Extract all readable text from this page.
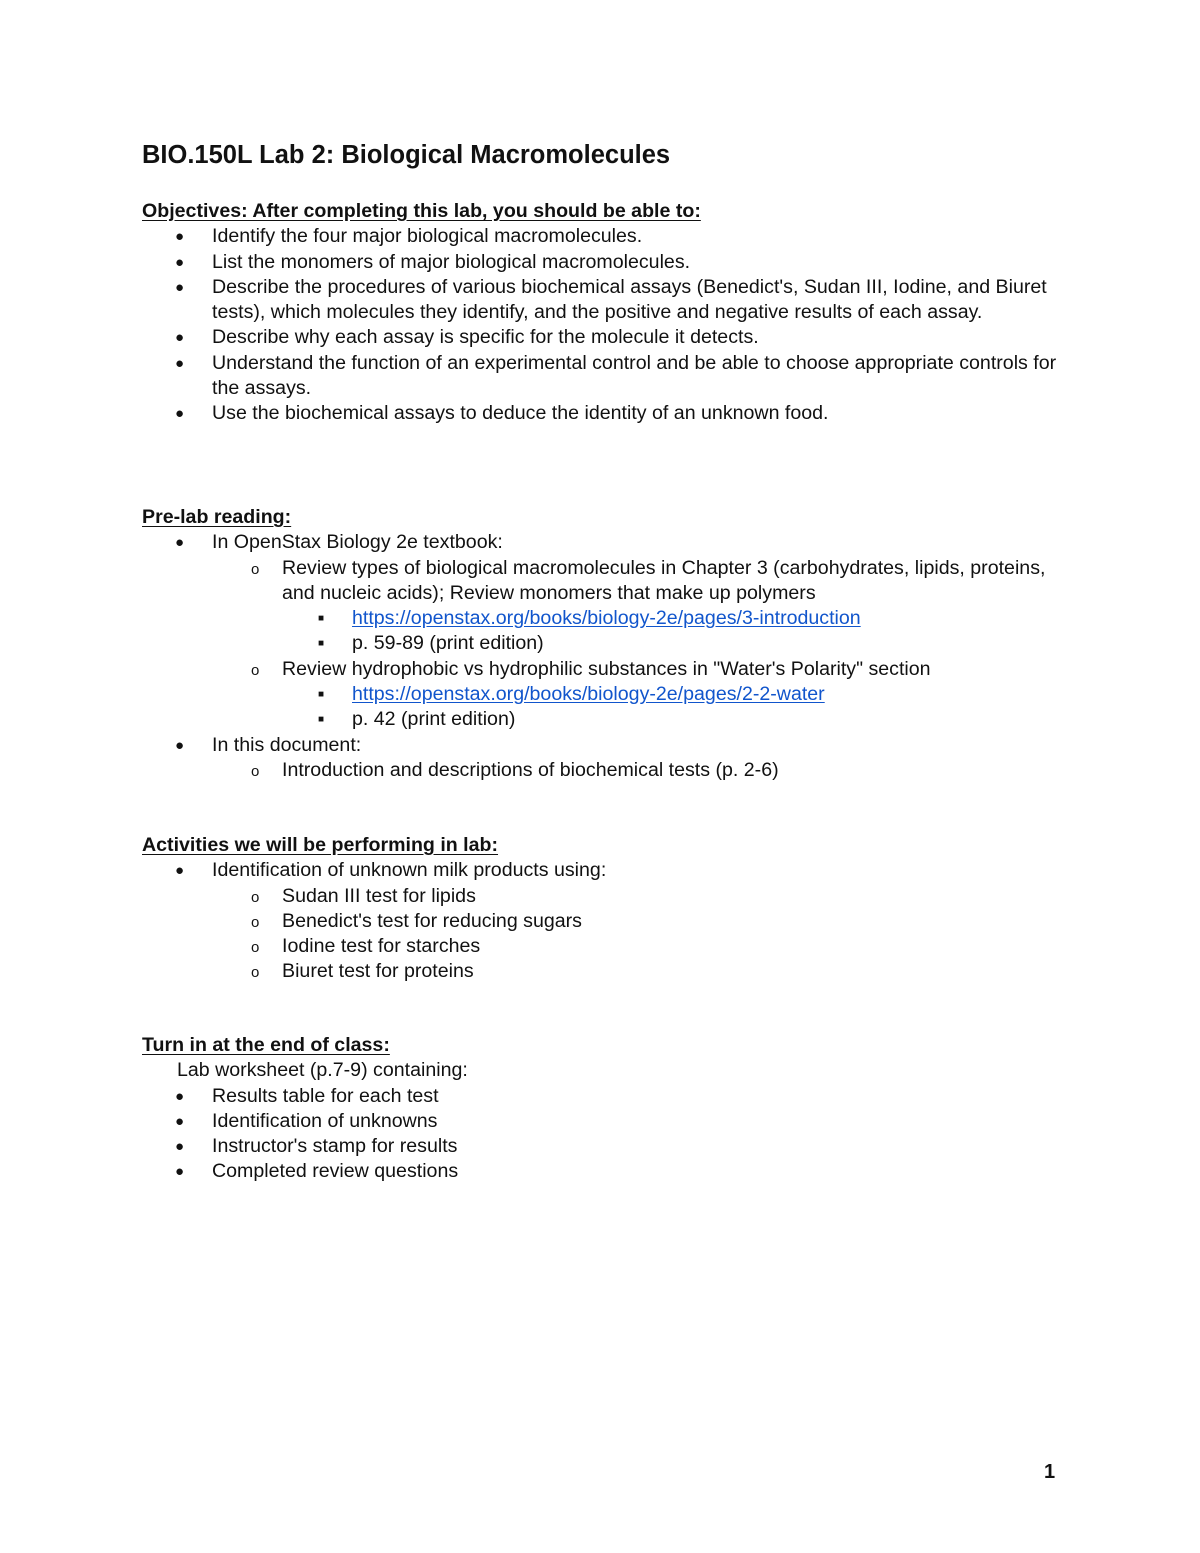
BIO.150L Lab 2: Biological Macromolecules
Objectives: After completing this lab, you should be able to:
● Identify the four major biological macromolecules.
● List the monomers of major biological macromolecules.
● Describe the procedures of various biochemical assays (Benedict's, Sudan III, Iodine, and Biuret tests), which molecules they identify, and the positive and negative results of each assay.
● Describe why each assay is specific for the molecule it detects.
● Understand the function of an experimental control and be able to choose appropriate controls for the assays.
● Use the biochemical assays to deduce the identity of an unknown food.
Pre-lab reading:
● In OpenStax Biology 2e textbook:
o Review types of biological macromolecules in Chapter 3 (carbohydrates, lipids, proteins, and nucleic acids); Review monomers that make up polymers
■ https://openstax.org/books/biology-2e/pages/3-introduction
■ p. 59-89 (print edition)
o Review hydrophobic vs hydrophilic substances in "Water's Polarity" section
■ https://openstax.org/books/biology-2e/pages/2-2-water
■ p. 42 (print edition)
● In this document:
o Introduction and descriptions of biochemical tests (p. 2-6)
Activities we will be performing in lab:
● Identification of unknown milk products using:
o Sudan III test for lipids
o Benedict's test for reducing sugars
o Iodine test for starches
o Biuret test for proteins
Turn in at the end of class:
Lab worksheet (p.7-9) containing:
● Results table for each test
● Identification of unknowns
● Instructor's stamp for results
● Completed review questions
1
